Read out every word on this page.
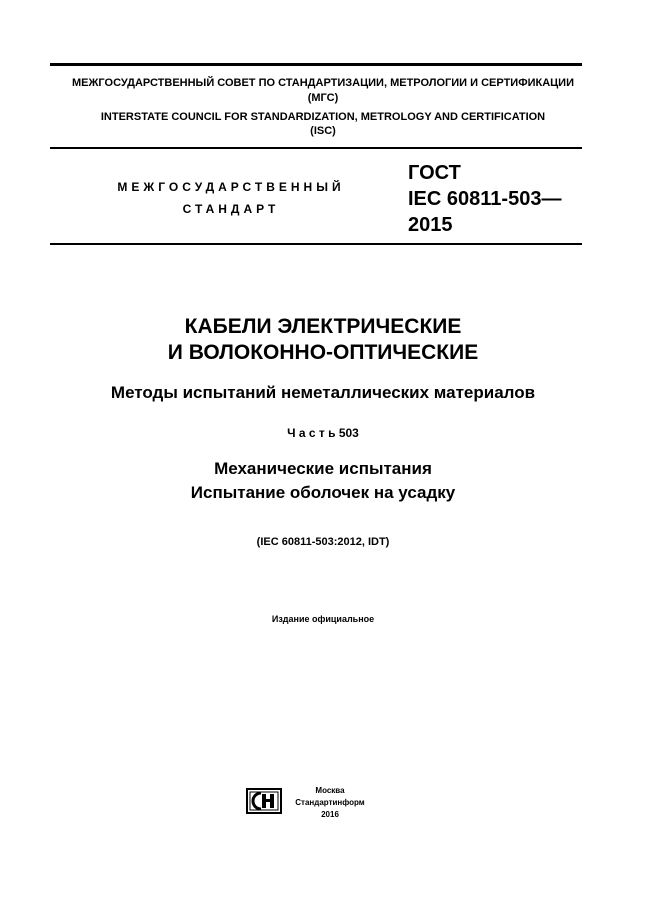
МЕЖГОСУДАРСТВЕННЫЙ СОВЕТ ПО СТАНДАРТИЗАЦИИ, МЕТРОЛОГИИ И СЕРТИФИКАЦИИ
(МГС)
INTERSTATE COUNCIL FOR STANDARDIZATION, METROLOGY AND CERTIFICATION
(ISC)
МЕЖГОСУДАРСТВЕННЫЙ
СТАНДАРТ
ГОСТ
IEC 60811-503—
2015
КАБЕЛИ ЭЛЕКТРИЧЕСКИЕ
И ВОЛОКОННО-ОПТИЧЕСКИЕ
Методы испытаний неметаллических материалов
Ч а с т ь 503
Механические испытания
Испытание оболочек на усадку
(IEC 60811-503:2012, IDT)
Издание официальное
Москва
Стандартинформ
2016
